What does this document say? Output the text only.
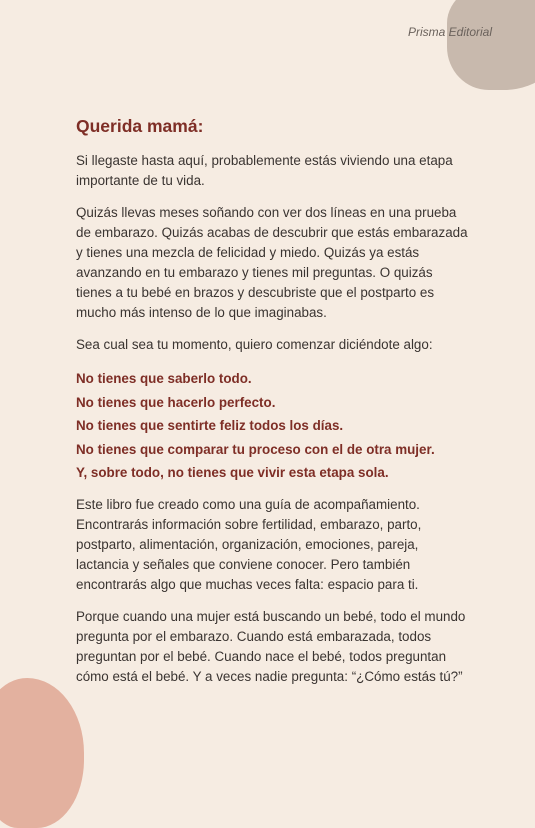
Prisma Editorial
Querida mamá:

Si llegaste hasta aquí, probablemente estás viviendo una etapa importante de tu vida.

Quizás llevas meses soñando con ver dos líneas en una prueba de embarazo. Quizás acabas de descubrir que estás embarazada y tienes una mezcla de felicidad y miedo. Quizás ya estás avanzando en tu embarazo y tienes mil preguntas. O quizás tienes a tu bebé en brazos y descubriste que el postparto es mucho más intenso de lo que imaginabas.

Sea cual sea tu momento, quiero comenzar diciéndote algo:

No tienes que saberlo todo.

No tienes que hacerlo perfecto.

No tienes que sentirte feliz todos los días.

No tienes que comparar tu proceso con el de otra mujer.

Y, sobre todo, no tienes que vivir esta etapa sola.

Este libro fue creado como una guía de acompañamiento. Encontrarás información sobre fertilidad, embarazo, parto, postparto, alimentación, organización, emociones, pareja, lactancia y señales que conviene conocer. Pero también encontrarás algo que muchas veces falta: espacio para ti.

Porque cuando una mujer está buscando un bebé, todo el mundo pregunta por el embarazo. Cuando está embarazada, todos preguntan por el bebé. Cuando nace el bebé, todos preguntan cómo está el bebé. Y a veces nadie pregunta: “¿Cómo estás tú?”
